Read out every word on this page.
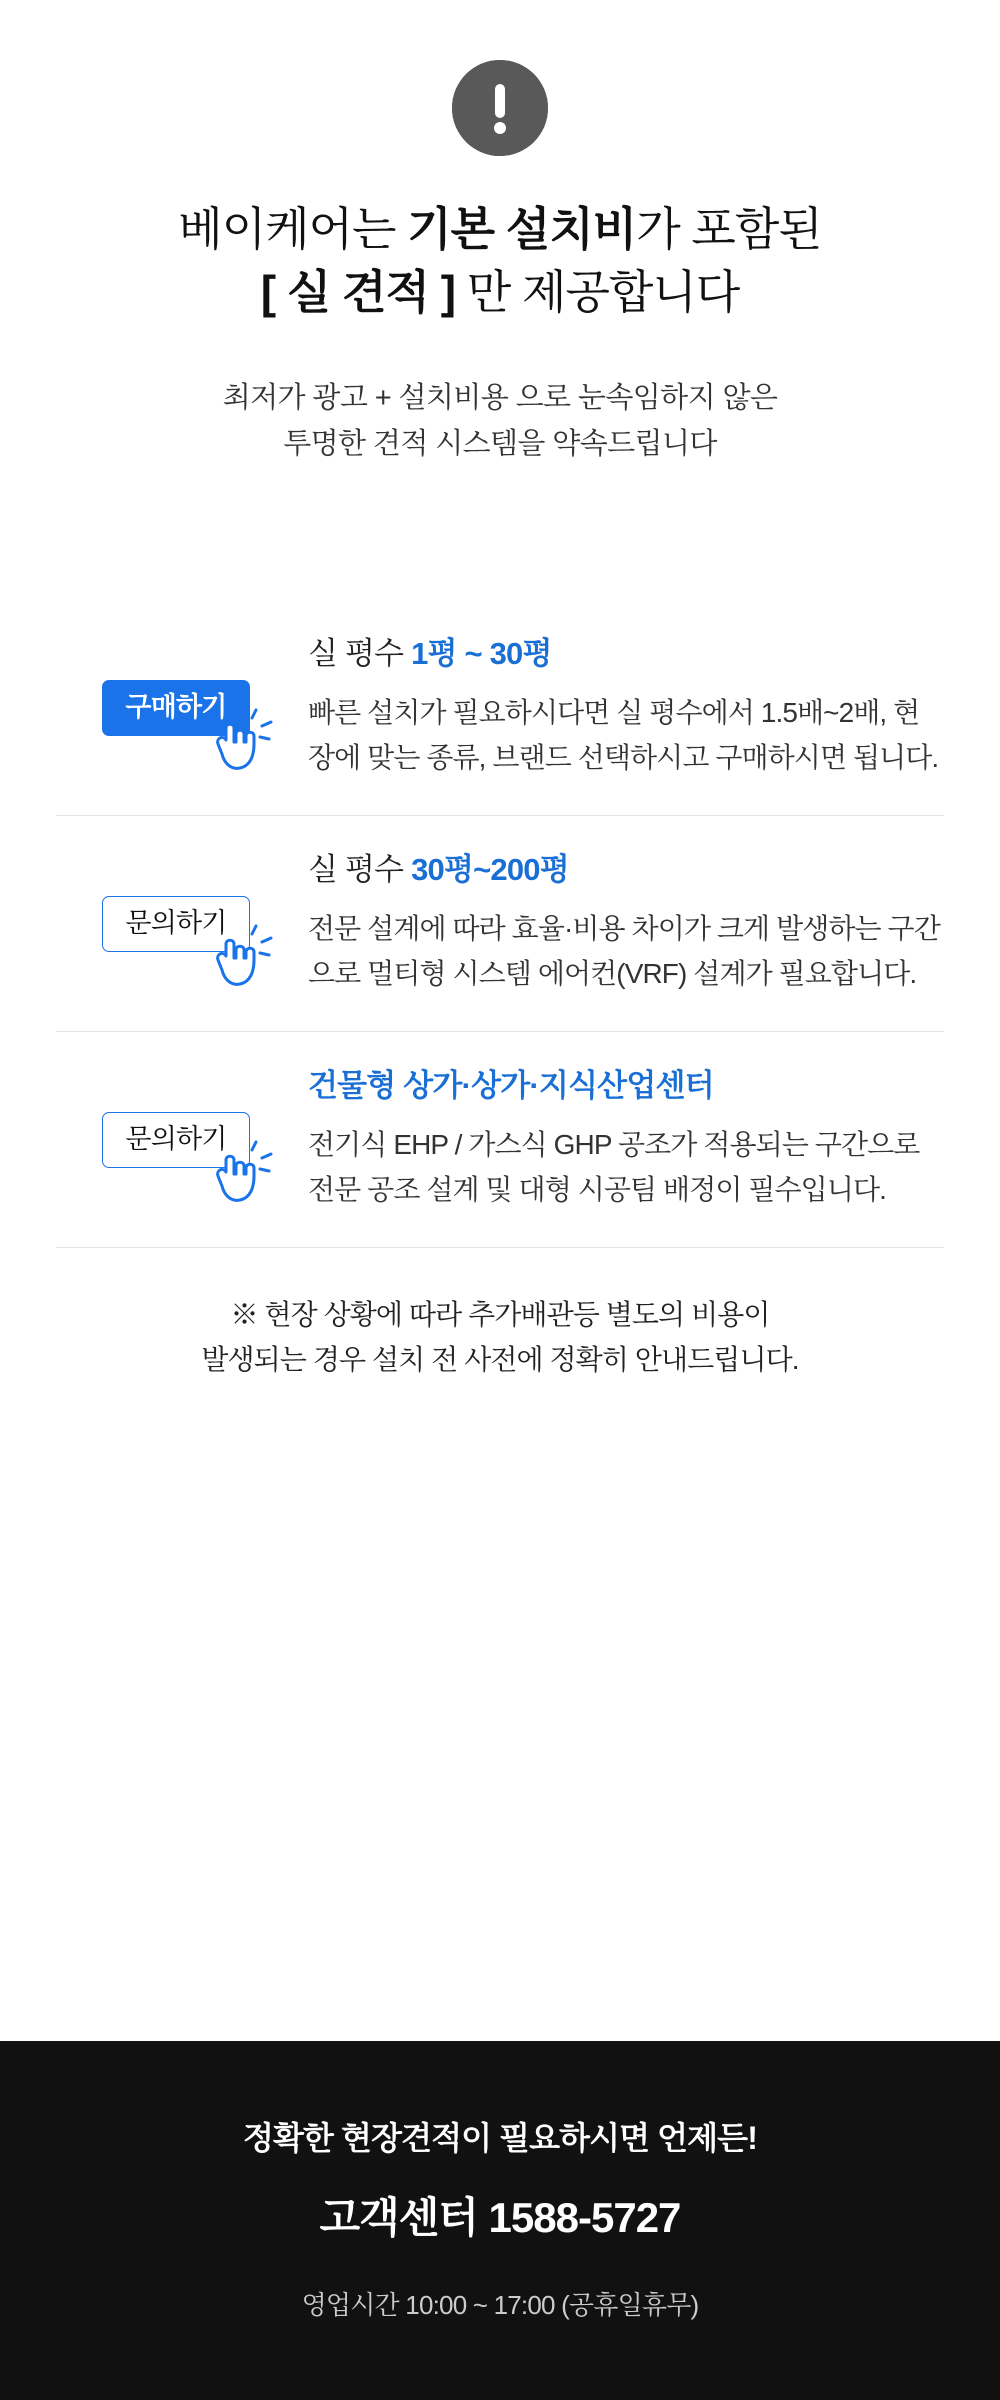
베이케어는 기본 설치비가 포함된
[ 실 견적 ] 만 제공합니다

최저가 광고 + 설치비용 으로 눈속임하지 않은
투명한 견적 시스템을 약속드립니다

구매하기

실 평수 1평 ~ 30평

빠른 설치가 필요하시다면 실 평수에서 1.5배~2배, 현장에 맞는 종류, 브랜드 선택하시고 구매하시면 됩니다.

문의하기

실 평수 30평~200평

전문 설계에 따라 효율·비용 차이가 크게 발생하는 구간으로 멀티형 시스템 에어컨(VRF) 설계가 필요합니다.

문의하기

건물형 상가·상가·지식산업센터

전기식 EHP / 가스식 GHP 공조가 적용되는 구간으로 전문 공조 설계 및 대형 시공팀 배정이 필수입니다.

※ 현장 상황에 따라 추가배관등 별도의 비용이
발생되는 경우 설치 전 사전에 정확히 안내드립니다.

정확한 현장견적이 필요하시면 언제든!

고객센터 1588-5727

영업시간 10:00 ~ 17:00 (공휴일휴무)
